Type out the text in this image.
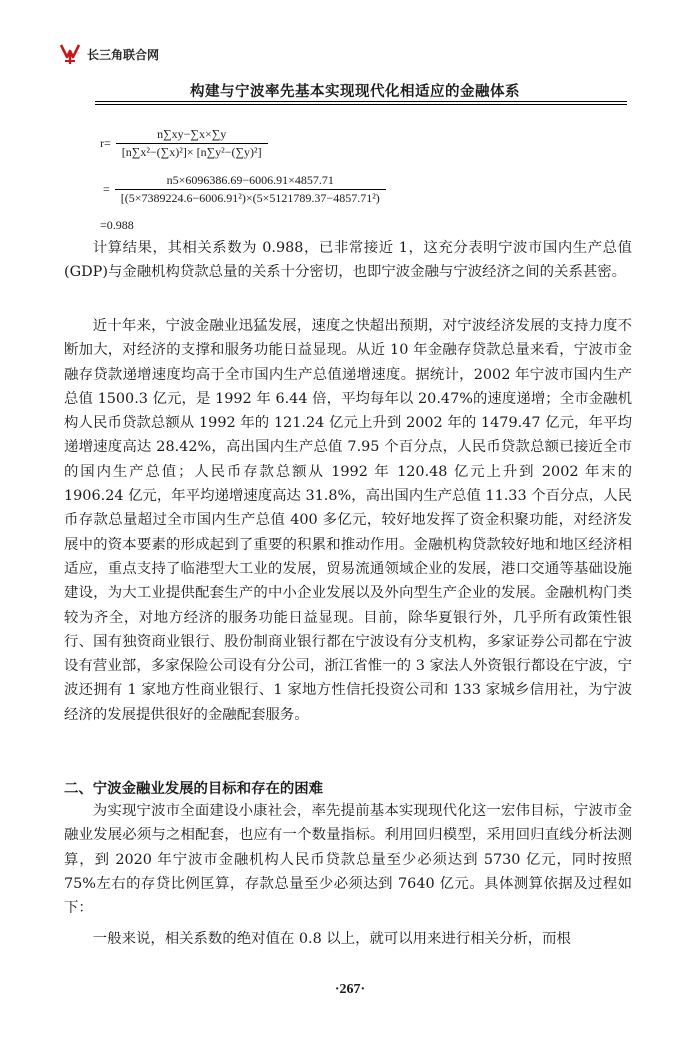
长三角联合网
构建与宁波率先基本实现现代化相适应的金融体系
$r= \frac{n\sum xy-\sum x\times\sum y}{\text{[n∑x²−(∑x)²]× [n∑y²−(∑y)²]}}$
= $\frac{n5\times 6096386.69-6006.91\times 4857.71}{\text{[(5×7389224.6−6006.91²)×(5×5121789.37−4857.71²)}}$
=0.988

计算结果，其相关系数为 0.988，已非常接近 1，这充分表明宁波市国内生产总值(GDP)与金融机构贷款总量的关系十分密切，也即宁波金融与宁波经济之间的关系甚密。

近十年来，宁波金融业迅猛发展，速度之快超出预期，对宁波经济发展的支持力度不断加大，对经济的支撑和服务功能日益显现。从近 10 年金融存贷款总量来看，宁波市金融存贷款递增速度均高于全市国内生产总值递增速度。据统计，2002 年宁波市国内生产总值 1500.3 亿元，是 1992 年 6.44 倍，平均每年以 20.47%的速度递增；全市金融机构人民币贷款总额从 1992 年的 121.24 亿元上升到 2002 年的 1479.47 亿元，年平均递增速度高达 28.42%，高出国内生产总值 7.95 个百分点，人民币贷款总额已接近全市的国内生产总值；人民币存款总额从 1992 年 120.48 亿元上升到 2002 年末的 1906.24 亿元，年平均递增速度高达 31.8%，高出国内生产总值 11.33 个百分点，人民币存款总量超过全市国内生产总值 400 多亿元，较好地发挥了资金积聚功能，对经济发展中的资本要素的形成起到了重要的积累和推动作用。金融机构贷款较好地和地区经济相适应，重点支持了临港型大工业的发展，贸易流通领域企业的发展，港口交通等基础设施建设，为大工业提供配套生产的中小企业发展以及外向型生产企业的发展。金融机构门类较为齐全，对地方经济的服务功能日益显现。目前，除华夏银行外，几乎所有政策性银行、国有独资商业银行、股份制商业银行都在宁波设有分支机构，多家证券公司都在宁波设有营业部，多家保险公司设有分公司，浙江省惟一的 3 家法人外资银行都设在宁波，宁波还拥有 1 家地方性商业银行、1 家地方性信托投资公司和 133 家城乡信用社，为宁波经济的发展提供很好的金融配套服务。

二、宁波金融业发展的目标和存在的困难

为实现宁波市全面建设小康社会，率先提前基本实现现代化这一宏伟目标，宁波市金融业发展必须与之相配套，也应有一个数量指标。利用回归模型，采用回归直线分析法测算，到 2020 年宁波市金融机构人民币贷款总量至少必须达到 5730 亿元，同时按照 75%左右的存贷比例匡算，存款总量至少必须达到 7640 亿元。具体测算依据及过程如下：

一般来说，相关系数的绝对值在 0.8 以上，就可以用来进行相关分析，而根

·267·
